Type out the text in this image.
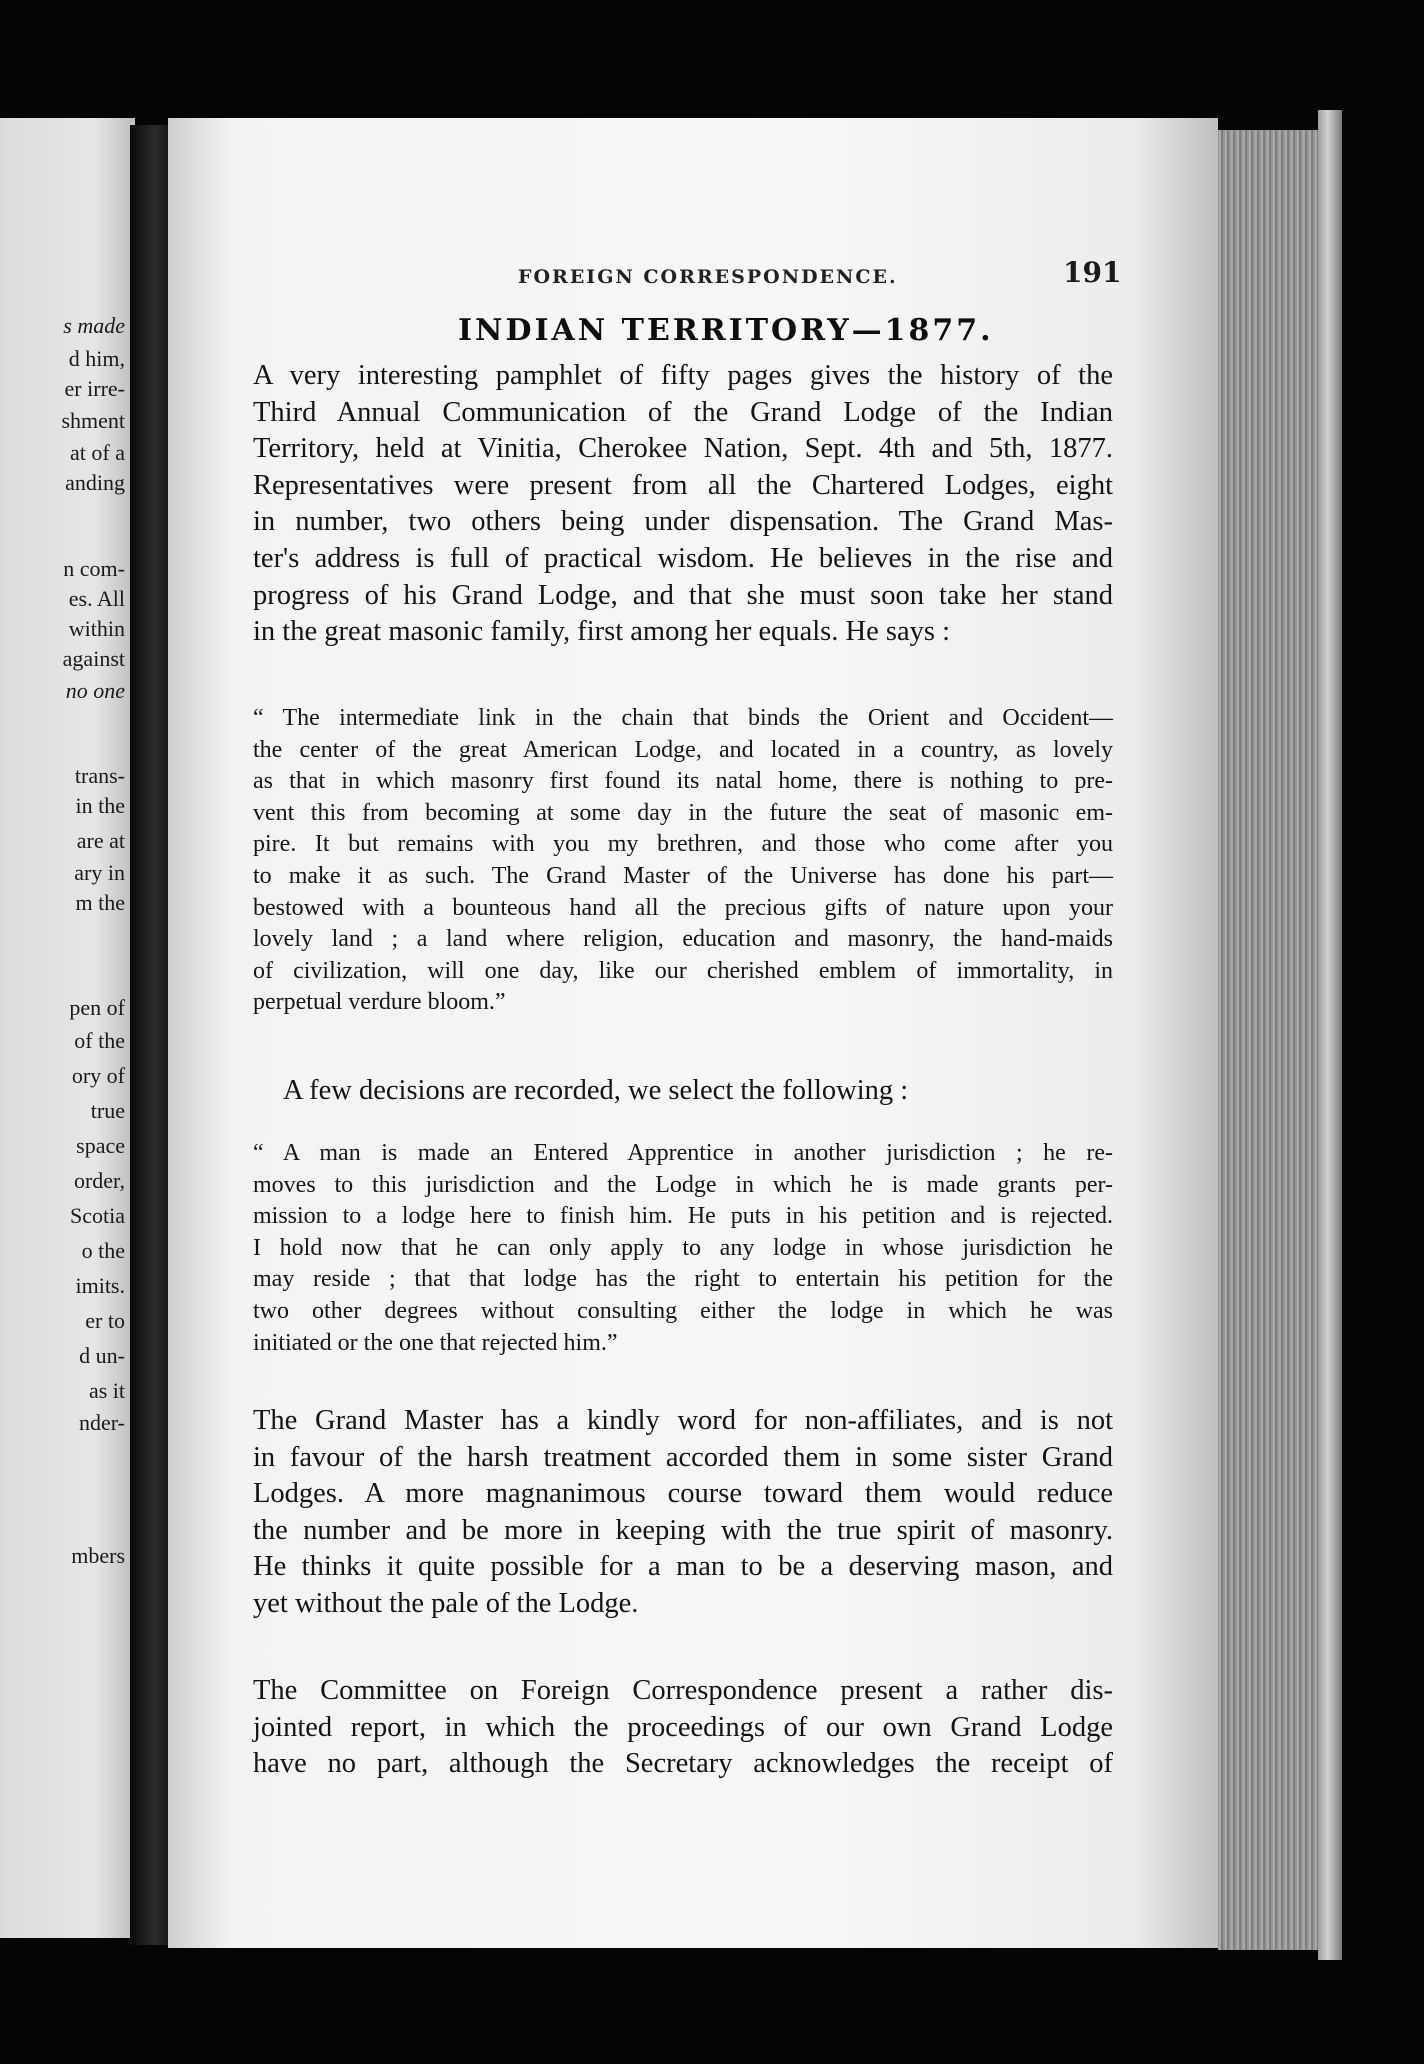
s made
d him,
er irre-
shment
at of a
anding
n com-
es. All
within
against
no one
trans-
in the
are at
ary in
m the
pen of
of the
ory of
true
space
order,
Scotia
o the
imits.
er to
d un-
as it
nder-
mbers
FOREIGN CORRESPONDENCE.	191
INDIAN TERRITORY—1877.
A very interesting pamphlet of fifty pages gives the history of the
Third Annual Communication of the Grand Lodge of the Indian
Territory, held at Vinitia, Cherokee Nation, Sept. 4th and 5th, 1877.
Representatives were present from all the Chartered Lodges, eight
in number, two others being under dispensation. The Grand Mas-
ter's address is full of practical wisdom. He believes in the rise and
progress of his Grand Lodge, and that she must soon take her stand
in the great masonic family, first among her equals. He says :
“ The intermediate link in the chain that binds the Orient and Occident—
the center of the great American Lodge, and located in a country, as lovely
as that in which masonry first found its natal home, there is nothing to pre-
vent this from becoming at some day in the future the seat of masonic em-
pire. It but remains with you my brethren, and those who come after you
to make it as such. The Grand Master of the Universe has done his part—
bestowed with a bounteous hand all the precious gifts of nature upon your
lovely land ; a land where religion, education and masonry, the hand-maids
of civilization, will one day, like our cherished emblem of immortality, in
perpetual verdure bloom.”
A few decisions are recorded, we select the following :
“ A man is made an Entered Apprentice in another jurisdiction ; he re-
moves to this jurisdiction and the Lodge in which he is made grants per-
mission to a lodge here to finish him. He puts in his petition and is rejected.
I hold now that he can only apply to any lodge in whose jurisdiction he
may reside ; that that lodge has the right to entertain his petition for the
two other degrees without consulting either the lodge in which he was
initiated or the one that rejected him.”
The Grand Master has a kindly word for non-affiliates, and is not
in favour of the harsh treatment accorded them in some sister Grand
Lodges. A more magnanimous course toward them would reduce
the number and be more in keeping with the true spirit of masonry.
He thinks it quite possible for a man to be a deserving mason, and
yet without the pale of the Lodge.
The Committee on Foreign Correspondence present a rather dis-
jointed report, in which the proceedings of our own Grand Lodge
have no part, although the Secretary acknowledges the receipt of
